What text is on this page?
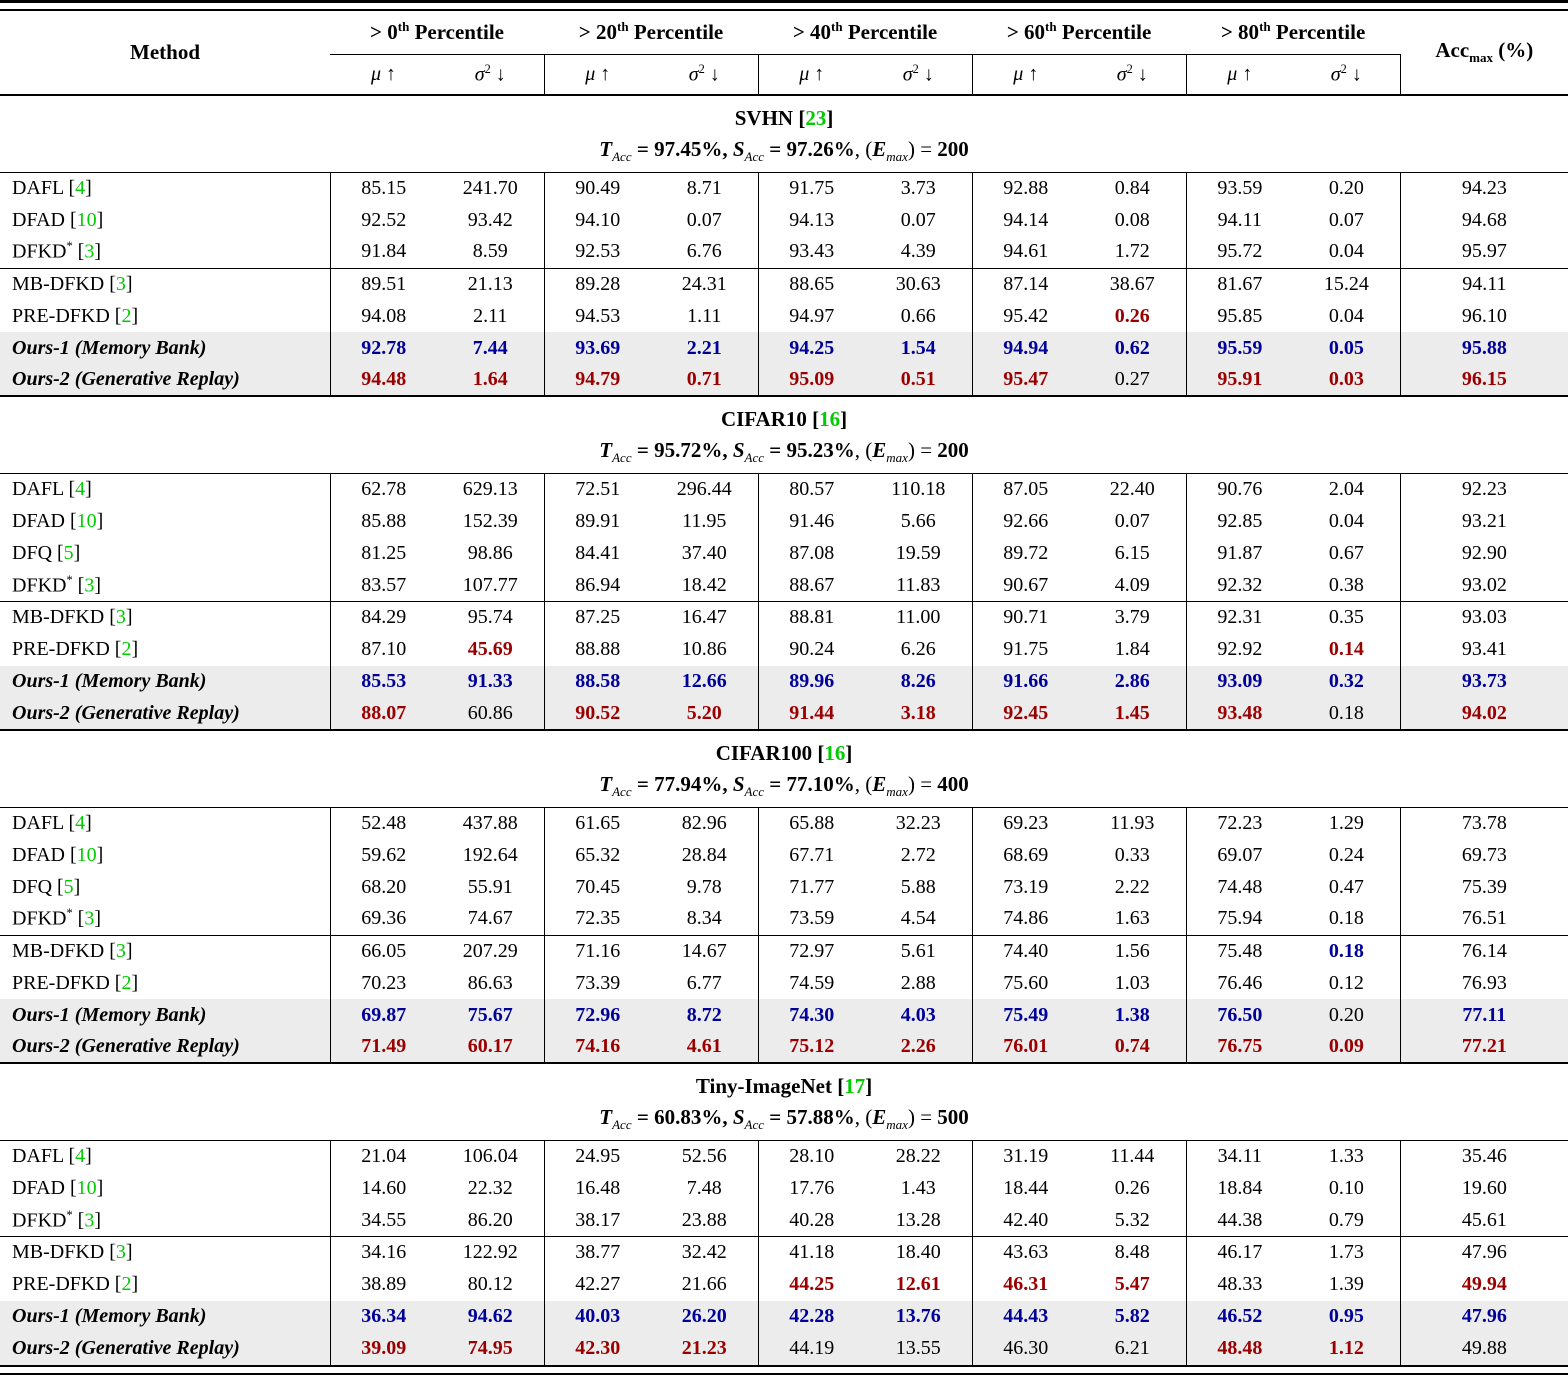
Method	> 0th Percentile		> 20th Percentile		> 40th Percentile		> 60th Percentile		> 80th Percentile		Acc$_{max}$ (%)
	μ ↑	$\sigma^2$ ↓	μ ↑	$\sigma^2$ ↓	μ ↑	$\sigma^2$ ↓	μ ↑	$\sigma^2$ ↓	μ ↑	$\sigma^2$ ↓	

SVHN [23]
$T_{Acc} = 97.45\%$, $S_{Acc} = 97.26\%$, $(E_{max}) = 200$											

DAFL [4]	85.15	241.70	90.49	8.71	91.75	3.73	92.88	0.84	93.59	0.20	94.23
DFAD [10]	92.52	93.42	94.10	0.07	94.13	0.07	94.14	0.08	94.11	0.07	94.68
DFKD* [3]	91.84	8.59	92.53	6.76	93.43	4.39	94.61	1.72	95.72	0.04	95.97
MB-DFKD [3]	89.51	21.13	89.28	24.31	88.65	30.63	87.14	38.67	81.67	15.24	94.11
PRE-DFKD [2]	94.08	2.11	94.53	1.11	94.97	0.66	95.42	0.26	95.85	0.04	96.10
Ours-1 (Memory Bank)	92.78	7.44	93.69	2.21	94.25	1.54	94.94	0.62	95.59	0.05	95.88
Ours-2 (Generative Replay)	94.48	1.64	94.79	0.71	95.09	0.51	95.47	0.27	95.91	0.03	96.15

CIFAR10 [16]
$T_{Acc} = 95.72\%$, $S_{Acc} = 95.23\%$, $(E_{max}) = 200$											

DAFL [4]	62.78	629.13	72.51	296.44	80.57	110.18	87.05	22.40	90.76	2.04	92.23
DFAD [10]	85.88	152.39	89.91	11.95	91.46	5.66	92.66	0.07	92.85	0.04	93.21
DFQ [5]	81.25	98.86	84.41	37.40	87.08	19.59	89.72	6.15	91.87	0.67	92.90
DFKD* [3]	83.57	107.77	86.94	18.42	88.67	11.83	90.67	4.09	92.32	0.38	93.02
MB-DFKD [3]	84.29	95.74	87.25	16.47	88.81	11.00	90.71	3.79	92.31	0.35	93.03
PRE-DFKD [2]	87.10	45.69	88.88	10.86	90.24	6.26	91.75	1.84	92.92	0.14	93.41
Ours-1 (Memory Bank)	85.53	91.33	88.58	12.66	89.96	8.26	91.66	2.86	93.09	0.32	93.73
Ours-2 (Generative Replay)	88.07	60.86	90.52	5.20	91.44	3.18	92.45	1.45	93.48	0.18	94.02

CIFAR100 [16]
$T_{Acc} = 77.94\%$, $S_{Acc} = 77.10\%$, $(E_{max}) = 400$											

DAFL [4]	52.48	437.88	61.65	82.96	65.88	32.23	69.23	11.93	72.23	1.29	73.78
DFAD [10]	59.62	192.64	65.32	28.84	67.71	2.72	68.69	0.33	69.07	0.24	69.73
DFQ [5]	68.20	55.91	70.45	9.78	71.77	5.88	73.19	2.22	74.48	0.47	75.39
DFKD* [3]	69.36	74.67	72.35	8.34	73.59	4.54	74.86	1.63	75.94	0.18	76.51
MB-DFKD [3]	66.05	207.29	71.16	14.67	72.97	5.61	74.40	1.56	75.48	0.18	76.14
PRE-DFKD [2]	70.23	86.63	73.39	6.77	74.59	2.88	75.60	1.03	76.46	0.12	76.93
Ours-1 (Memory Bank)	69.87	75.67	72.96	8.72	74.30	4.03	75.49	1.38	76.50	0.20	77.11
Ours-2 (Generative Replay)	71.49	60.17	74.16	4.61	75.12	2.26	76.01	0.74	76.75	0.09	77.21

Tiny-ImageNet [17]
$T_{Acc} = 60.83\%$, $S_{Acc} = 57.88\%$, $(E_{max}) = 500$											

DAFL [4]	21.04	106.04	24.95	52.56	28.10	28.22	31.19	11.44	34.11	1.33	35.46
DFAD [10]	14.60	22.32	16.48	7.48	17.76	1.43	18.44	0.26	18.84	0.10	19.60
DFKD* [3]	34.55	86.20	38.17	23.88	40.28	13.28	42.40	5.32	44.38	0.79	45.61
MB-DFKD [3]	34.16	122.92	38.77	32.42	41.18	18.40	43.63	8.48	46.17	1.73	47.96
PRE-DFKD [2]	38.89	80.12	42.27	21.66	44.25	12.61	46.31	5.47	48.33	1.39	49.94
Ours-1 (Memory Bank)	36.34	94.62	40.03	26.20	42.28	13.76	44.43	5.82	46.52	0.95	47.96
Ours-2 (Generative Replay)	39.09	74.95	42.30	21.23	44.19	13.55	46.30	6.21	48.48	1.12	49.88
